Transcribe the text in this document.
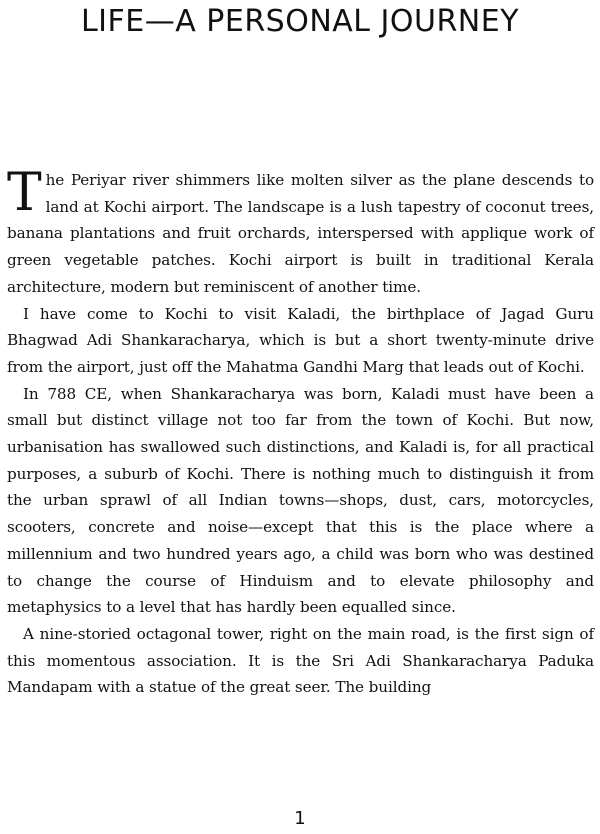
LIFE—A PERSONAL JOURNEY

The Periyar river shimmers like molten silver as the plane descends to land at Kochi airport. The landscape is a lush tapestry of coconut trees, banana plantations and fruit orchards, interspersed with applique work of green vegetable patches. Kochi airport is built in traditional Kerala architecture, modern but reminiscent of another time.

I have come to Kochi to visit Kaladi, the birthplace of Jagad Guru Bhagwad Adi Shankaracharya, which is but a short twenty-minute drive from the airport, just off the Mahatma Gandhi Marg that leads out of Kochi.

In 788 CE, when Shankaracharya was born, Kaladi must have been a small but distinct village not too far from the town of Kochi. But now, urbanisation has swallowed such distinctions, and Kaladi is, for all practical purposes, a suburb of Kochi. There is nothing much to distinguish it from the urban sprawl of all Indian towns—shops, dust, cars, motorcycles, scooters, concrete and noise—except that this is the place where a millennium and two hundred years ago, a child was born who was destined to change the course of Hinduism and to elevate philosophy and metaphysics to a level that has hardly been equalled since.

A nine-storied octagonal tower, right on the main road, is the first sign of this momentous association. It is the Sri Adi Shankaracharya Paduka Mandapam with a statue of the great seer. The building

1
